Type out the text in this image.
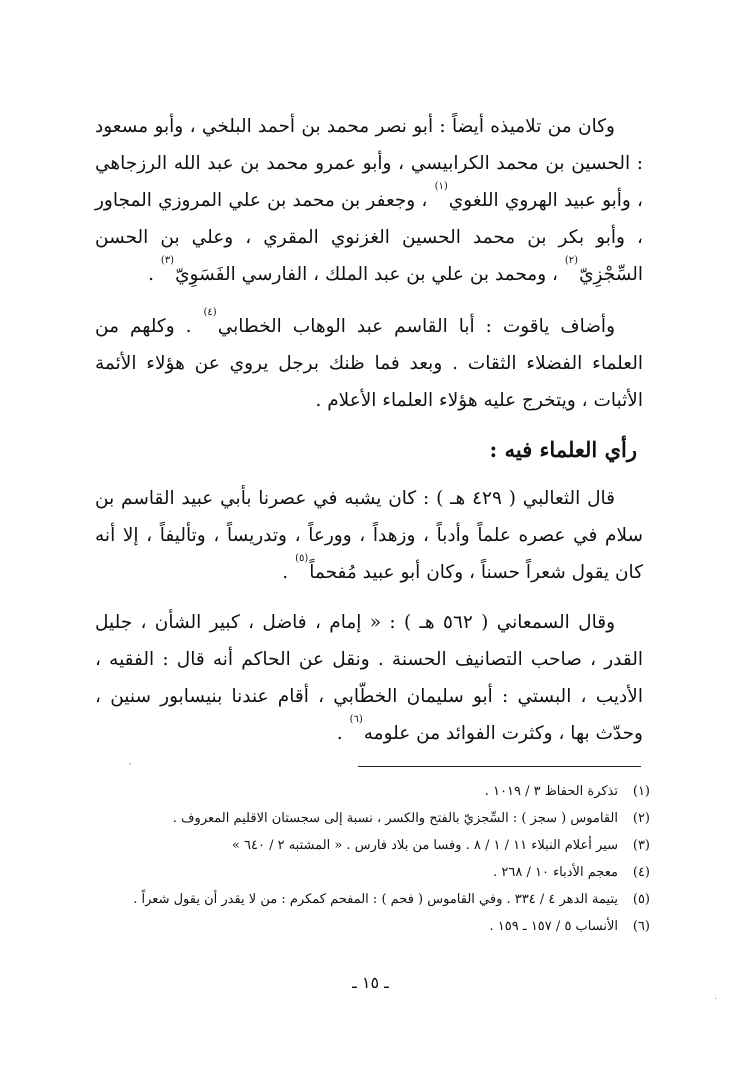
وكان من تلاميذه أيضاً : أبو نصر محمد بن أحمد البلخي ، وأبو مسعود : الحسين بن محمد الكرابيسي ، وأبو عمرو محمد بن عبد الله الرزجاهي ، وأبو عبيد الهروي اللغوي$^{(١)}$ ، وجعفر بن محمد بن علي المروزي المجاور ، وأبو بكر بن محمد الحسين الغزنوي المقري ، وعلي بن الحسن السِّجْزِيّ$^{(٢)}$ ، ومحمد بن علي بن عبد الملك ، الفارسي الفَسَوِيّ$^{(٣)}$ .

وأضاف ياقوت : أبا القاسم عبد الوهاب الخطابي$^{(٤)}$ . وكلهم من العلماء الفضلاء الثقات . وبعد فما ظنك برجل يروي عن هؤلاء الأئمة الأثبات ، ويتخرج عليه هؤلاء العلماء الأعلام .

رأي العلماء فيه :

قال الثعالبي ( ٤٢٩ هـ ) : كان يشبه في عصرنا بأبي عبيد القاسم بن سلام في عصره علماً وأدباً ، وزهداً ، وورعاً ، وتدريساً ، وتأليفاً ، إلا أنه كان يقول شعراً حسناً ، وكان أبو عبيد مُفحماً$^{(٥)}$ .

وقال السمعاني ( ٥٦٢ هـ ) : « إمام ، فاضل ، كبير الشأن ، جليل القدر ، صاحب التصانيف الحسنة . ونقل عن الحاكم أنه قال : الفقيه ، الأديب ، البستي : أبو سليمان الخطّابي ، أقام عندنا بنيسابور سنين ، وحدّث بها ، وكثرت الفوائد من علومه$^{(٦)}$ .

(١)
تذكرة الحفاظ ٣ / ١٠١٩ .
(٢)
القاموس ( سجز ) : السِّجزيّ بالفتح والكسر ، نسبة إلى سجستان الاقليم المعروف .
(٣)
سير أعلام النبلاء ١١ / ١ / ٨ . وفسا من بلاد فارس . « المشتبه ٢ / ٦٤٠ »
(٤)
معجم الأدباء ١٠ / ٢٦٨ .
(٥)
يتيمة الدهر ٤ / ٣٣٤ . وفي القاموس ( فحم ) : المفحم كمكرم : من لا يقدر أن يقول شعراً .
(٦)
الأنساب ٥ / ١٥٧ ـ ١٥٩ .
ـ ١٥ ـ
ʼ
·
